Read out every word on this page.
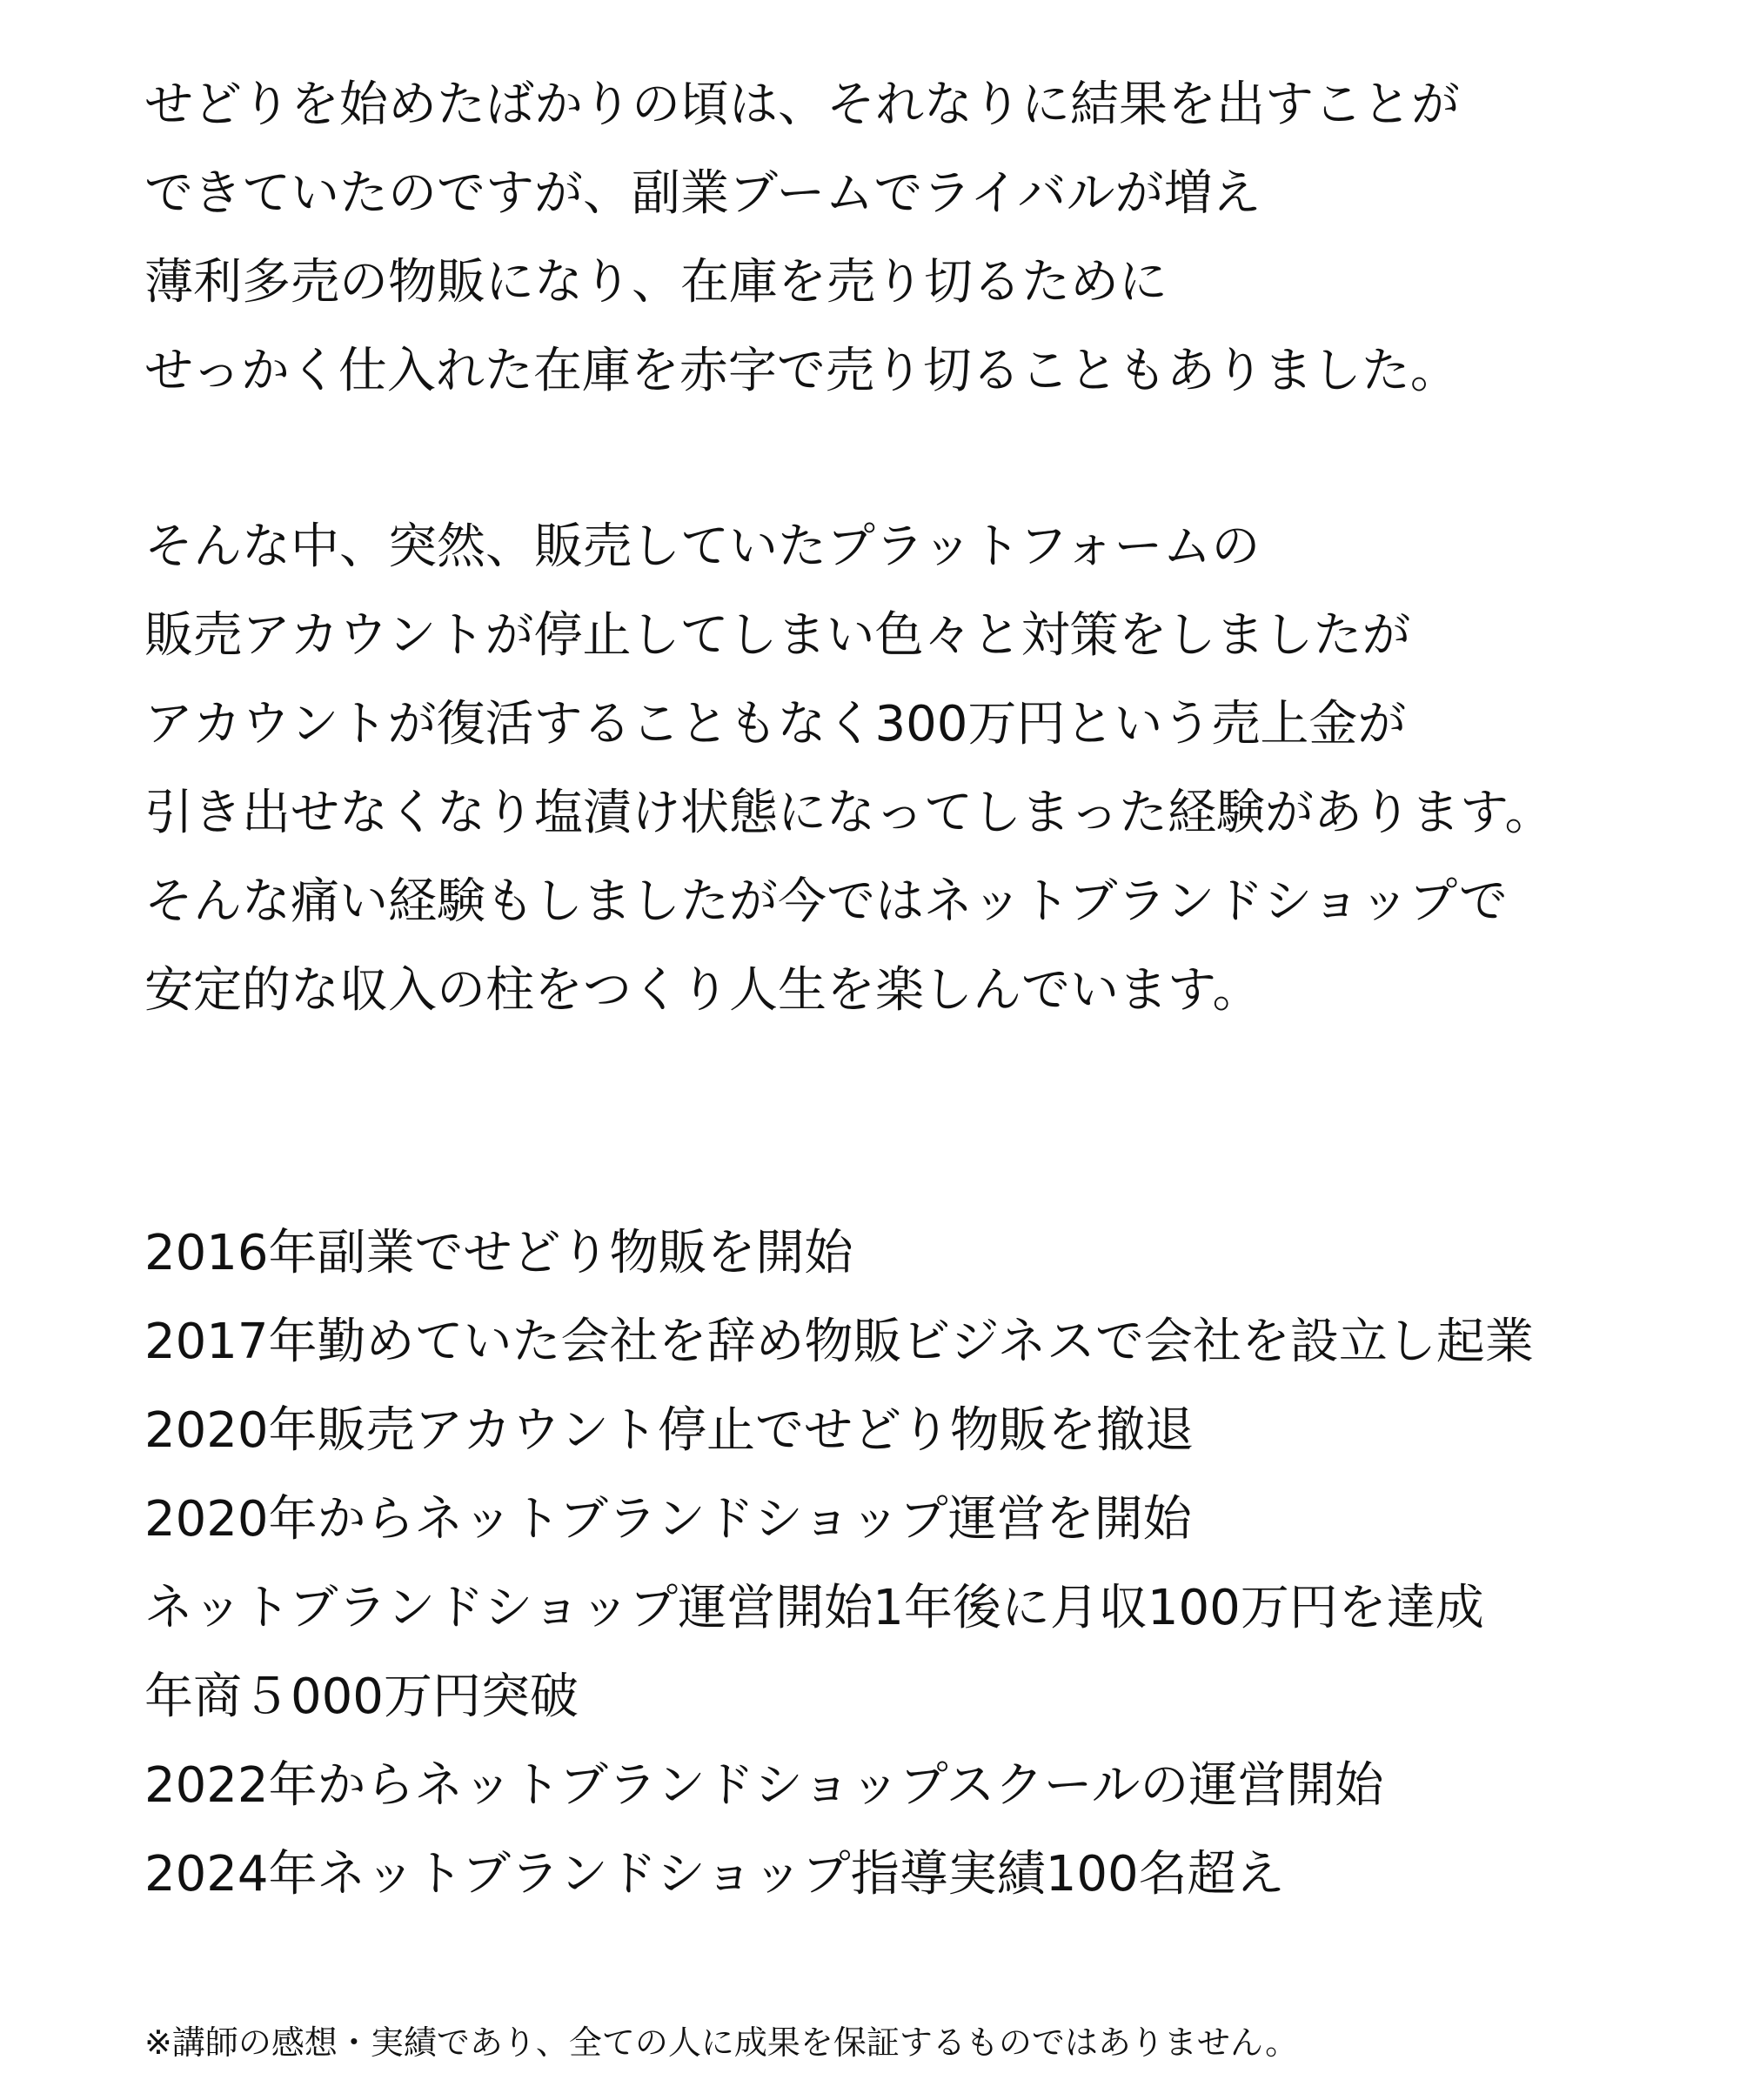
せどりを始めたばかりの頃は、それなりに結果を出すことが
できていたのですが、副業ブームでライバルが増え
薄利多売の物販になり、在庫を売り切るために
せっかく仕入れた在庫を赤字で売り切ることもありました。
そんな中、突然、販売していたプラットフォームの
販売アカウントが停止してしまい色々と対策をしましたが
アカウントが復活することもなく300万円という売上金が
引き出せなくなり塩漬け状態になってしまった経験があります。
そんな痛い経験もしましたが今ではネットブランドショップで
安定的な収入の柱をつくり人生を楽しんでいます。
2016年副業でせどり物販を開始
2017年勤めていた会社を辞め物販ビジネスで会社を設立し起業
2020年販売アカウント停止でせどり物販を撤退
2020年からネットブランドショップ運営を開始
ネットブランドショップ運営開始1年後に月収100万円を達成
年商５000万円突破
2022年からネットブランドショップスクールの運営開始
2024年ネットブランドショップ指導実績100名超え
※講師の感想・実績であり、全ての人に成果を保証するものではありません。
